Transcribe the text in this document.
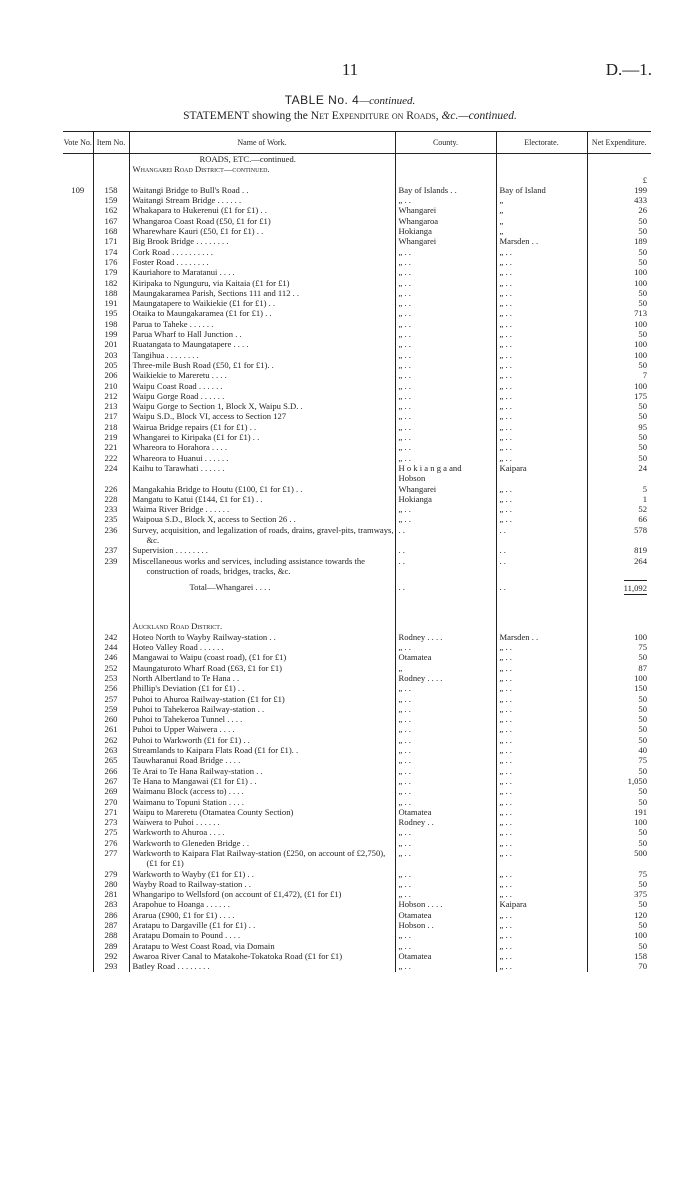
11	D.—1.
TABLE No. 4—continued.
STATEMENT showing the Net Expenditure on Roads, &c.—continued.
Vote No.	Item No.	Name of Work.	County.	Electorate.	Net Expenditure.
		ROADS, ETC.—continued.			
		Whangarei Road District—continued.			
					£
109	158	Waitangi Bridge to Bull's Road . .	Bay of Islands . .	Bay of Island	199
	159	Waitangi Stream Bridge . . . . . .	„ . .	„	433
	162	Whakapara to Hukerenui (£1 for £1) . .	Whangarei	„	26
	167	Whangaroa Coast Road (£50, £1 for £1)	Whangaroa	„	50
	168	Wharewhare Kauri (£50, £1 for £1) . .	Hokianga	„	50
	171	Big Brook Bridge . . . . . . . .	Whangarei	Marsden . .	189
	174	Cork Road . . . . . . . . . .	„ . .	„ . .	50
	176	Foster Road . . . . . . . .	„ . .	„ . .	50
	179	Kauriahore to Maratanui . . . .	„ . .	„ . .	100
	182	Kiripaka to Ngunguru, via Kaitaia (£1 for £1)	„ . .	„ . .	100
	188	Maungakaramea Parish, Sections 111 and 112 . .	„ . .	„ . .	50
	191	Maungatapere to Waikiekie (£1 for £1) . .	„ . .	„ . .	50
	195	Otaika to Maungakaramea (£1 for £1) . .	„ . .	„ . .	713
	198	Parua to Taheke . . . . . .	„ . .	„ . .	100
	199	Parua Wharf to Hall Junction . .	„ . .	„ . .	50
	201	Ruatangata to Maungatapere . . . .	„ . .	„ . .	100
	203	Tangihua . . . . . . . .	„ . .	„ . .	100
	205	Three-mile Bush Road (£50, £1 for £1). .	„ . .	„ . .	50
	206	Waikiekie to Mareretu . . . .	„ . .	„ . .	7
	210	Waipu Coast Road . . . . . .	„ . .	„ . .	100
	212	Waipu Gorge Road . . . . . .	„ . .	„ . .	175
	213	Waipu Gorge to Section 1, Block X, Waipu S.D. .	„ . .	„ . .	50
	217	Waipu S.D., Block VI, access to Section 127	„ . .	„ . .	50
	218	Wairua Bridge repairs (£1 for £1) . .	„ . .	„ . .	95
	219	Whangarei to Kiripaka (£1 for £1) . .	„ . .	„ . .	50
	221	Whareora to Horahora . . . .	„ . .	„ . .	50
	222	Whareora to Huanui . . . . . .	„ . .	„ . .	50
	224	Kaihu to Tarawhati . . . . . .	H o k i a n g a and	Kaipara	24
			Hobson		
	226	Mangakahia Bridge to Houtu (£100, £1 for £1) . .	Whangarei	„ . .	5
	228	Mangatu to Katui (£144, £1 for £1) . .	Hokianga	„ . .	1
	233	Waima River Bridge . . . . . .	„ . .	„ . .	52
	235	Waipoua S.D., Block X, access to Section 26 . .	„ . .	„ . .	66
	236	Survey, acquisition, and legalization of roads, drains, gravel-pits, tramways, &c.	. .	. .	578
	237	Supervision . . . . . . . .	. .	. .	819
	239	Miscellaneous works and services, including assistance towards the construction of roads, bridges, tracks, &c.	. .	. .	264
		Total—Whangarei . . . .	. .	. .	11,092

		Auckland Road District.			
	242	Hoteo North to Wayby Railway-station . .	Rodney . . . .	Marsden . .	100
	244	Hoteo Valley Road . . . . . .	„ . .	„ . .	75
	246	Mangawai to Waipu (coast road), (£1 for £1)	Otamatea	„ . .	50
	252	Maungaturoto Wharf Road (£63, £1 for £1)	„	„ . .	87
	253	North Albertland to Te Hana . .	Rodney . . . .	„ . .	100
	256	Phillip's Deviation (£1 for £1) . .	„ . .	„ . .	150
	257	Puhoi to Ahuroa Railway-station (£1 for £1)	„ . .	„ . .	50
	259	Puhoi to Tahekeroa Railway-station . .	„ . .	„ . .	50
	260	Puhoi to Tahekeroa Tunnel . . . .	„ . .	„ . .	50
	261	Puhoi to Upper Waiwera . . . .	„ . .	„ . .	50
	262	Puhoi to Warkworth (£1 for £1) . .	„ . .	„ . .	50
	263	Streamlands to Kaipara Flats Road (£1 for £1). .	„ . .	„ . .	40
	265	Tauwharanui Road Bridge . . . .	„ . .	„ . .	75
	266	Te Arai to Te Hana Railway-station . .	„ . .	„ . .	50
	267	Te Hana to Mangawai (£1 for £1) . .	„ . .	„ . .	1,050
	269	Waimanu Block (access to) . . . .	„ . .	„ . .	50
	270	Waimanu to Topuni Station . . . .	„ . .	„ . .	50
	271	Waipu to Mareretu (Otamatea County Section)	Otamatea	„ . .	191
	273	Waiwera to Puhoi . . . . . .	Rodney . .	„ . .	100
	275	Warkworth to Ahuroa . . . .	„ . .	„ . .	50
	276	Warkworth to Gleneden Bridge . .	„ . .	„ . .	50
	277	Warkworth to Kaipara Flat Railway-station (£250, on account of £2,750), (£1 for £1)	„ . .	„ . .	500
	279	Warkworth to Wayby (£1 for £1) . .	„ . .	„ . .	75
	280	Wayby Road to Railway-station . .	„ . .	„ . .	50
	281	Whangaripo to Wellsford (on account of £1,472), (£1 for £1)	„ . .	„ . .	375
	283	Arapohue to Hoanga . . . . . .	Hobson . . . .	Kaipara	50
	286	Ararua (£900, £1 for £1) . . . .	Otamatea	„ . .	120
	287	Aratapu to Dargaville (£1 for £1) . .	Hobson . .	„ . .	50
	288	Aratapu Domain to Pound . . . .	„ . .	„ . .	100
	289	Aratapu to West Coast Road, via Domain	„ . .	„ . .	50
	292	Awaroa River Canal to Matakohe-Tokatoka Road (£1 for £1)	Otamatea	„ . .	158
	293	Batley Road . . . . . . . .	„ . .	„ . .	70
